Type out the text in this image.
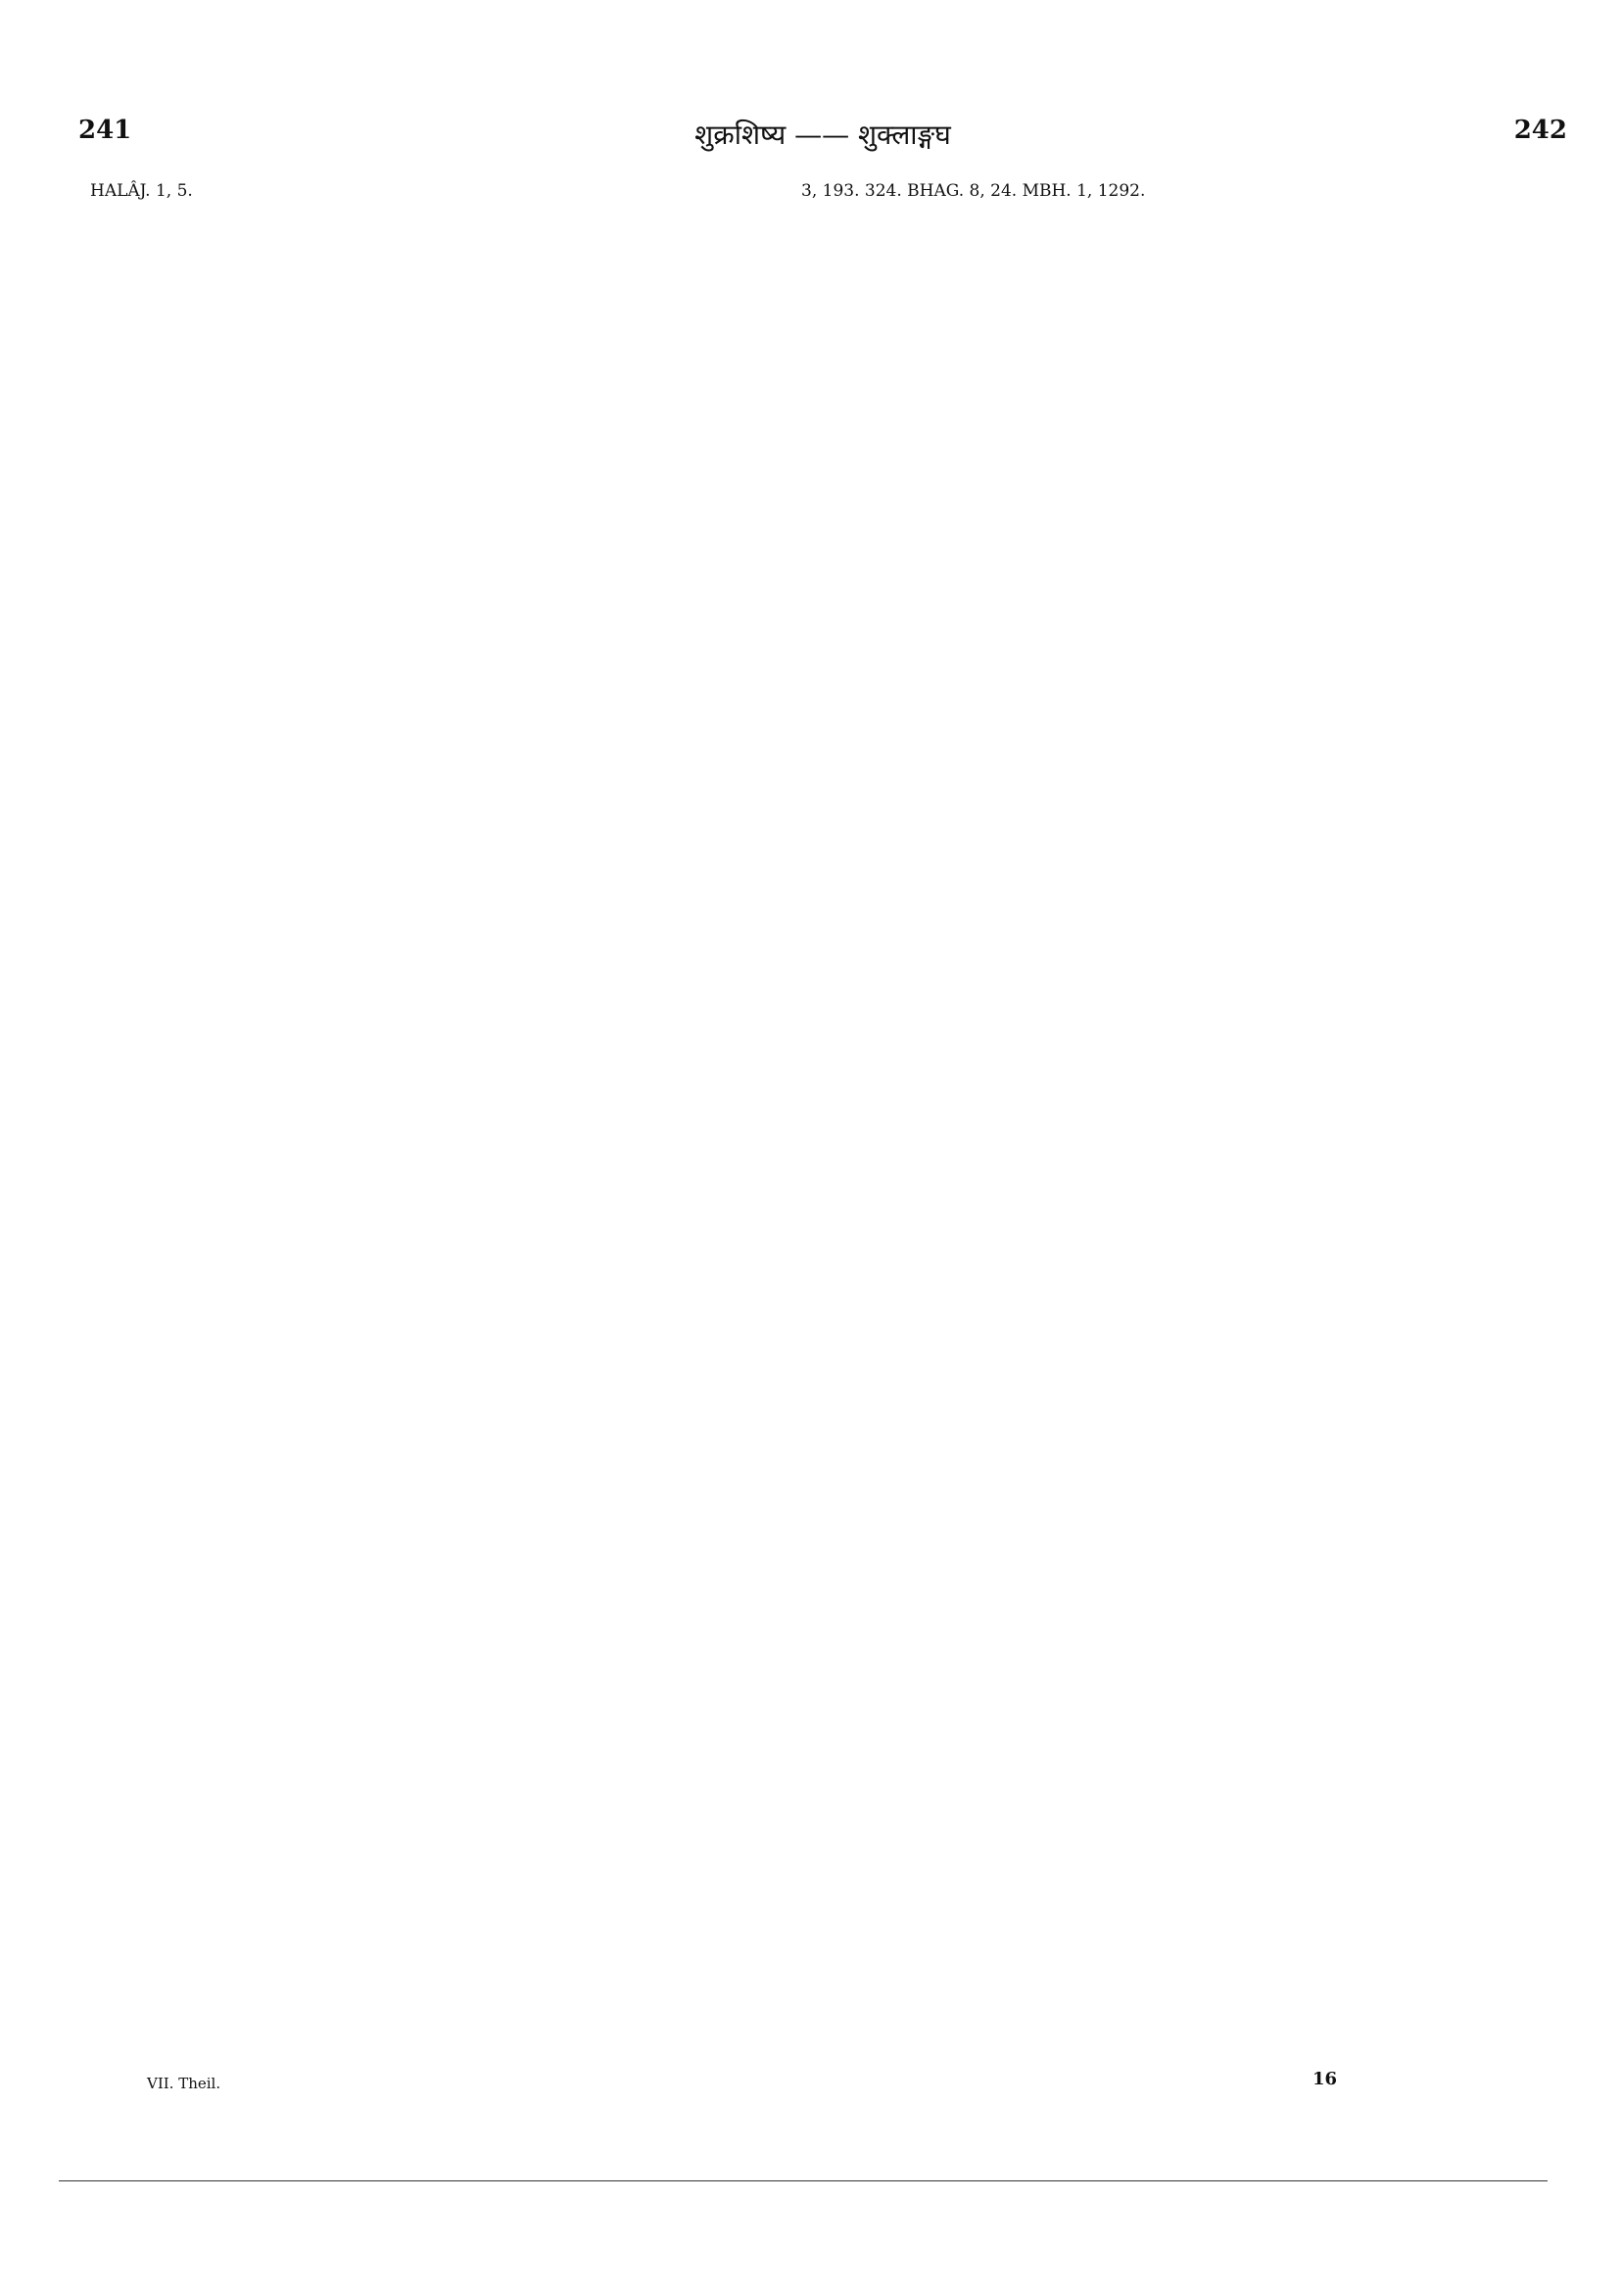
241	शुक्रशिष्य —— शुक्लाङ्गघ	242

HALÂJ. 1, 5.	3, 193. 324. BHAG. 8, 24. MBH. 1, 1292.

VII. Theil.	16
